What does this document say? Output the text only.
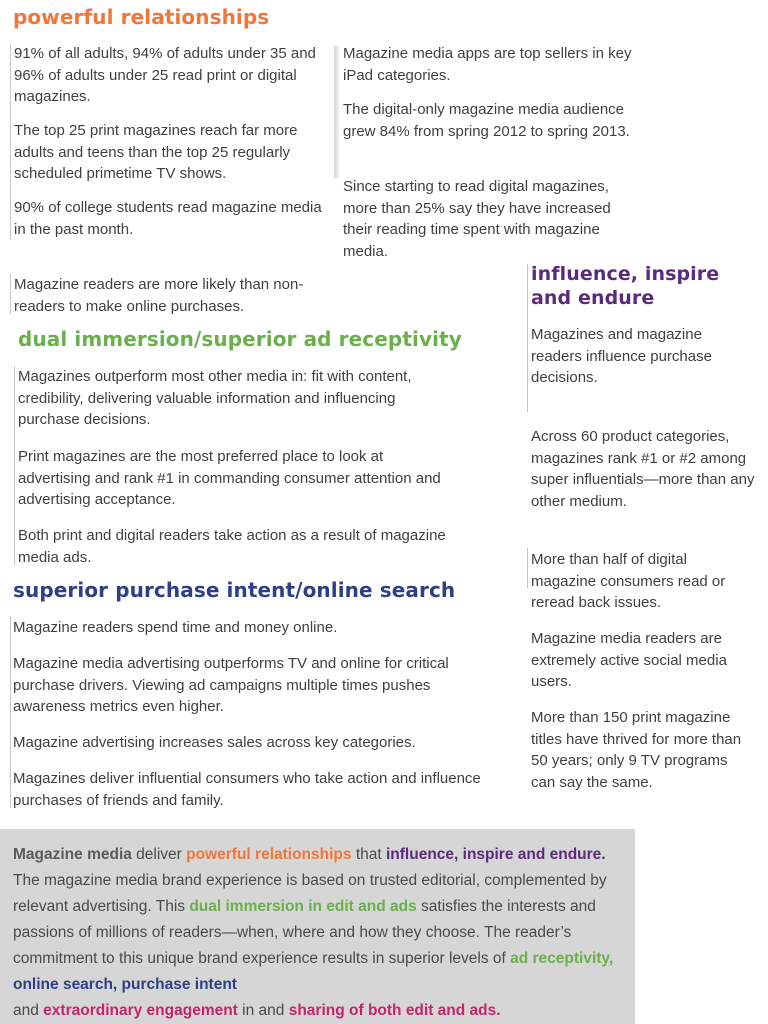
powerful relationships

91% of all adults, 94% of adults under 35 and 96% of adults under 25 read print or digital magazines.

The top 25 print magazines reach far more adults and teens than the top 25 regularly scheduled primetime TV shows.

90% of college students read magazine media in the past month.

Magazine media apps are top sellers in key iPad categories.

The digital-only magazine media audience grew 84% from spring 2012 to spring 2013.

Since starting to read digital magazines, more than 25% say they have increased their reading time spent with magazine media.

Magazine readers are more likely than non-readers to make online purchases.

dual immersion/superior ad receptivity

Magazines outperform most other media in: fit with content, credibility, delivering valuable information and influencing purchase decisions.

Print magazines are the most preferred place to look at advertising and rank #1 in commanding consumer attention and advertising acceptance.

Both print and digital readers take action as a result of magazine media ads.

superior purchase intent/online search

Magazine readers spend time and money online.

Magazine media advertising outperforms TV and online for critical purchase drivers. Viewing ad campaigns multiple times pushes awareness metrics even higher.

Magazine advertising increases sales across key categories.

Magazines deliver influential consumers who take action and influence purchases of friends and family.

influence, inspire
and endure

Magazines and magazine readers influence purchase decisions.

Across 60 product categories, magazines rank #1 or #2 among super influentials—more than any other medium.

More than half of digital magazine consumers read or reread back issues.

Magazine media readers are extremely active social media users.

More than 150 print magazine titles have thrived for more than 50 years; only 9 TV programs can say the same.

Magazine media deliver powerful relationships that influence, inspire and endure. The magazine media brand experience is based on trusted editorial, complemented by relevant advertising. This dual immersion in edit and ads satisfies the interests and passions of millions of readers—when, where and how they choose. The reader’s commitment to this unique brand experience results in superior levels of ad receptivity, online search, purchase intent
and extraordinary engagement in and sharing of both edit and ads.
